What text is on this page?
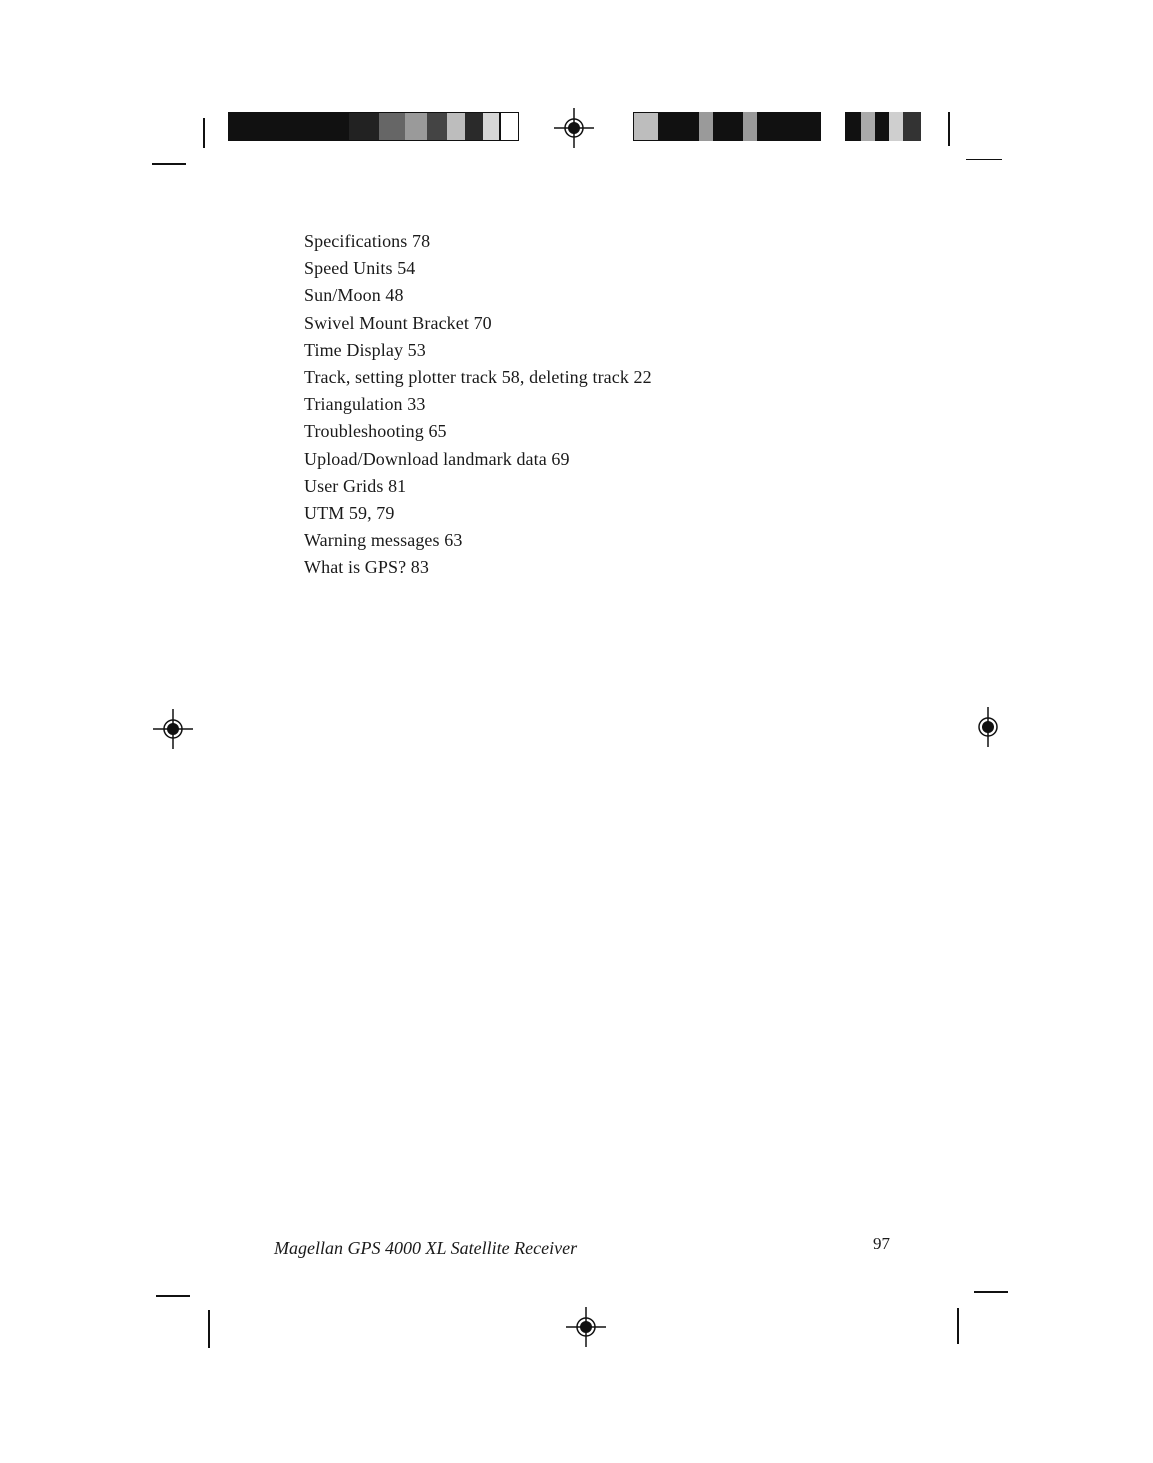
Specifications 78
Speed Units 54
Sun/Moon 48
Swivel Mount Bracket 70
Time Display 53
Track, setting plotter track 58, deleting track 22
Triangulation 33
Troubleshooting 65
Upload/Download landmark data 69
User Grids 81
UTM 59, 79
Warning messages 63
What is GPS? 83
Magellan GPS 4000 XL Satellite Receiver	97
